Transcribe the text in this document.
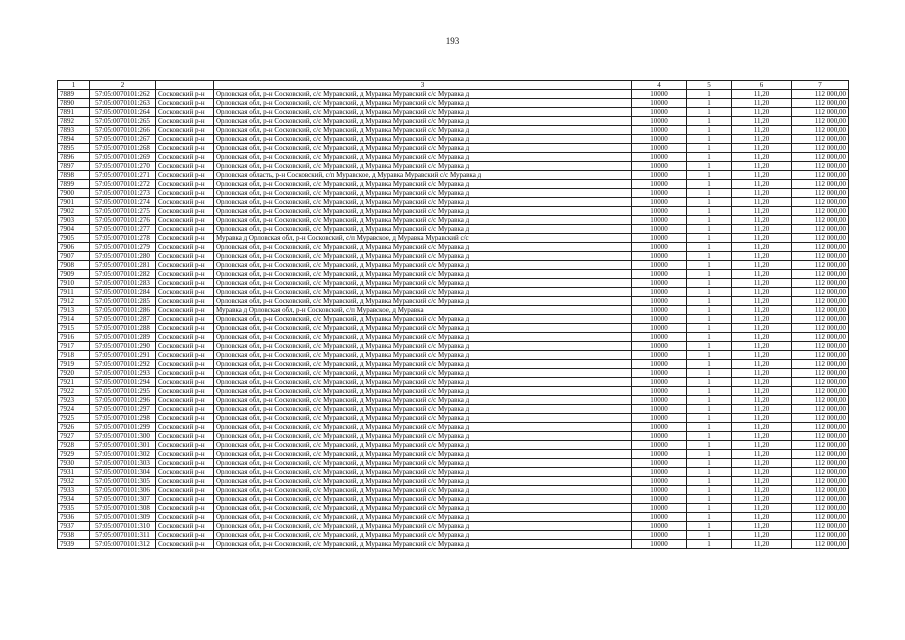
193
1	2		3	4	5	6	7
7889	57:05:0070101:262	Сосковский р-н	Орловская обл, р-н Сосковский, с/с Муравский, д Муравка Муравский с/с Муравка д	10000	1	11,20	112 000,00
7890	57:05:0070101:263	Сосковский р-н	Орловская обл, р-н Сосковский, с/с Муравский, д Муравка Муравский с/с Муравка д	10000	1	11,20	112 000,00
7891	57:05:0070101:264	Сосковский р-н	Орловская обл, р-н Сосковский, с/с Муравский, д Муравка Муравский с/с Муравка д	10000	1	11,20	112 000,00
7892	57:05:0070101:265	Сосковский р-н	Орловская обл, р-н Сосковский, с/с Муравский, д Муравка Муравский с/с Муравка д	10000	1	11,20	112 000,00
7893	57:05:0070101:266	Сосковский р-н	Орловская обл, р-н Сосковский, с/с Муравский, д Муравка Муравский с/с Муравка д	10000	1	11,20	112 000,00
7894	57:05:0070101:267	Сосковский р-н	Орловская обл, р-н Сосковский, с/с Муравский, д Муравка Муравский с/с Муравка д	10000	1	11,20	112 000,00
7895	57:05:0070101:268	Сосковский р-н	Орловская обл, р-н Сосковский, с/с Муравский, д Муравка Муравский с/с Муравка д	10000	1	11,20	112 000,00
7896	57:05:0070101:269	Сосковский р-н	Орловская обл, р-н Сосковский, с/с Муравский, д Муравка Муравский с/с Муравка д	10000	1	11,20	112 000,00
7897	57:05:0070101:270	Сосковский р-н	Орловская обл, р-н Сосковский, с/с Муравский, д Муравка Муравский с/с Муравка д	10000	1	11,20	112 000,00
7898	57:05:0070101:271	Сосковский р-н	Орловская область, р-н Сосковский, с/п Муравское, д Муравка Муравский с/с Муравка д	10000	1	11,20	112 000,00
7899	57:05:0070101:272	Сосковский р-н	Орловская обл, р-н Сосковский, с/с Муравский, д Муравка Муравский с/с Муравка д	10000	1	11,20	112 000,00
7900	57:05:0070101:273	Сосковский р-н	Орловская обл, р-н Сосковский, с/с Муравский, д Муравка Муравский с/с Муравка д	10000	1	11,20	112 000,00
7901	57:05:0070101:274	Сосковский р-н	Орловская обл, р-н Сосковский, с/с Муравский, д Муравка Муравский с/с Муравка д	10000	1	11,20	112 000,00
7902	57:05:0070101:275	Сосковский р-н	Орловская обл, р-н Сосковский, с/с Муравский, д Муравка Муравский с/с Муравка д	10000	1	11,20	112 000,00
7903	57:05:0070101:276	Сосковский р-н	Орловская обл, р-н Сосковский, с/с Муравский, д Муравка Муравский с/с Муравка д	10000	1	11,20	112 000,00
7904	57:05:0070101:277	Сосковский р-н	Орловская обл, р-н Сосковский, с/с Муравский, д Муравка Муравский с/с Муравка д	10000	1	11,20	112 000,00
7905	57:05:0070101:278	Сосковский р-н	Муравка д Орловская обл, р-н Сосковский, с/п Муравское, д Муравка Муравский с/с	10000	1	11,20	112 000,00
7906	57:05:0070101:279	Сосковский р-н	Орловская обл, р-н Сосковский, с/с Муравский, д Муравка Муравский с/с Муравка д	10000	1	11,20	112 000,00
7907	57:05:0070101:280	Сосковский р-н	Орловская обл, р-н Сосковский, с/с Муравский, д Муравка Муравский с/с Муравка д	10000	1	11,20	112 000,00
7908	57:05:0070101:281	Сосковский р-н	Орловская обл, р-н Сосковский, с/с Муравский, д Муравка Муравский с/с Муравка д	10000	1	11,20	112 000,00
7909	57:05:0070101:282	Сосковский р-н	Орловская обл, р-н Сосковский, с/с Муравский, д Муравка Муравский с/с Муравка д	10000	1	11,20	112 000,00
7910	57:05:0070101:283	Сосковский р-н	Орловская обл, р-н Сосковский, с/с Муравский, д Муравка Муравский с/с Муравка д	10000	1	11,20	112 000,00
7911	57:05:0070101:284	Сосковский р-н	Орловская обл, р-н Сосковский, с/с Муравский, д Муравка Муравский с/с Муравка д	10000	1	11,20	112 000,00
7912	57:05:0070101:285	Сосковский р-н	Орловская обл, р-н Сосковский, с/с Муравский, д Муравка Муравский с/с Муравка д	10000	1	11,20	112 000,00
7913	57:05:0070101:286	Сосковский р-н	Муравка д Орловская обл, р-н Сосковский, с/п Муравское, д Муравка	10000	1	11,20	112 000,00
7914	57:05:0070101:287	Сосковский р-н	Орловская обл, р-н Сосковский, с/с Муравский, д Муравка Муравский с/с Муравка д	10000	1	11,20	112 000,00
7915	57:05:0070101:288	Сосковский р-н	Орловская обл, р-н Сосковский, с/с Муравский, д Муравка Муравский с/с Муравка д	10000	1	11,20	112 000,00
7916	57:05:0070101:289	Сосковский р-н	Орловская обл, р-н Сосковский, с/с Муравский, д Муравка Муравский с/с Муравка д	10000	1	11,20	112 000,00
7917	57:05:0070101:290	Сосковский р-н	Орловская обл, р-н Сосковский, с/с Муравский, д Муравка Муравский с/с Муравка д	10000	1	11,20	112 000,00
7918	57:05:0070101:291	Сосковский р-н	Орловская обл, р-н Сосковский, с/с Муравский, д Муравка Муравский с/с Муравка д	10000	1	11,20	112 000,00
7919	57:05:0070101:292	Сосковский р-н	Орловская обл, р-н Сосковский, с/с Муравский, д Муравка Муравский с/с Муравка д	10000	1	11,20	112 000,00
7920	57:05:0070101:293	Сосковский р-н	Орловская обл, р-н Сосковский, с/с Муравский, д Муравка Муравский с/с Муравка д	10000	1	11,20	112 000,00
7921	57:05:0070101:294	Сосковский р-н	Орловская обл, р-н Сосковский, с/с Муравский, д Муравка Муравский с/с Муравка д	10000	1	11,20	112 000,00
7922	57:05:0070101:295	Сосковский р-н	Орловская обл, р-н Сосковский, с/с Муравский, д Муравка Муравский с/с Муравка д	10000	1	11,20	112 000,00
7923	57:05:0070101:296	Сосковский р-н	Орловская обл, р-н Сосковский, с/с Муравский, д Муравка Муравский с/с Муравка д	10000	1	11,20	112 000,00
7924	57:05:0070101:297	Сосковский р-н	Орловская обл, р-н Сосковский, с/с Муравский, д Муравка Муравский с/с Муравка д	10000	1	11,20	112 000,00
7925	57:05:0070101:298	Сосковский р-н	Орловская обл, р-н Сосковский, с/с Муравский, д Муравка Муравский с/с Муравка д	10000	1	11,20	112 000,00
7926	57:05:0070101:299	Сосковский р-н	Орловская обл, р-н Сосковский, с/с Муравский, д Муравка Муравский с/с Муравка д	10000	1	11,20	112 000,00
7927	57:05:0070101:300	Сосковский р-н	Орловская обл, р-н Сосковский, с/с Муравский, д Муравка Муравский с/с Муравка д	10000	1	11,20	112 000,00
7928	57:05:0070101:301	Сосковский р-н	Орловская обл, р-н Сосковский, с/с Муравский, д Муравка Муравский с/с Муравка д	10000	1	11,20	112 000,00
7929	57:05:0070101:302	Сосковский р-н	Орловская обл, р-н Сосковский, с/с Муравский, д Муравка Муравский с/с Муравка д	10000	1	11,20	112 000,00
7930	57:05:0070101:303	Сосковский р-н	Орловская обл, р-н Сосковский, с/с Муравский, д Муравка Муравский с/с Муравка д	10000	1	11,20	112 000,00
7931	57:05:0070101:304	Сосковский р-н	Орловская обл, р-н Сосковский, с/с Муравский, д Муравка Муравский с/с Муравка д	10000	1	11,20	112 000,00
7932	57:05:0070101:305	Сосковский р-н	Орловская обл, р-н Сосковский, с/с Муравский, д Муравка Муравский с/с Муравка д	10000	1	11,20	112 000,00
7933	57:05:0070101:306	Сосковский р-н	Орловская обл, р-н Сосковский, с/с Муравский, д Муравка Муравский с/с Муравка д	10000	1	11,20	112 000,00
7934	57:05:0070101:307	Сосковский р-н	Орловская обл, р-н Сосковский, с/с Муравский, д Муравка Муравский с/с Муравка д	10000	1	11,20	112 000,00
7935	57:05:0070101:308	Сосковский р-н	Орловская обл, р-н Сосковский, с/с Муравский, д Муравка Муравский с/с Муравка д	10000	1	11,20	112 000,00
7936	57:05:0070101:309	Сосковский р-н	Орловская обл, р-н Сосковский, с/с Муравский, д Муравка Муравский с/с Муравка д	10000	1	11,20	112 000,00
7937	57:05:0070101:310	Сосковский р-н	Орловская обл, р-н Сосковский, с/с Муравский, д Муравка Муравский с/с Муравка д	10000	1	11,20	112 000,00
7938	57:05:0070101:311	Сосковский р-н	Орловская обл, р-н Сосковский, с/с Муравский, д Муравка Муравский с/с Муравка д	10000	1	11,20	112 000,00
7939	57:05:0070101:312	Сосковский р-н	Орловская обл, р-н Сосковский, с/с Муравский, д Муравка Муравский с/с Муравка д	10000	1	11,20	112 000,00
